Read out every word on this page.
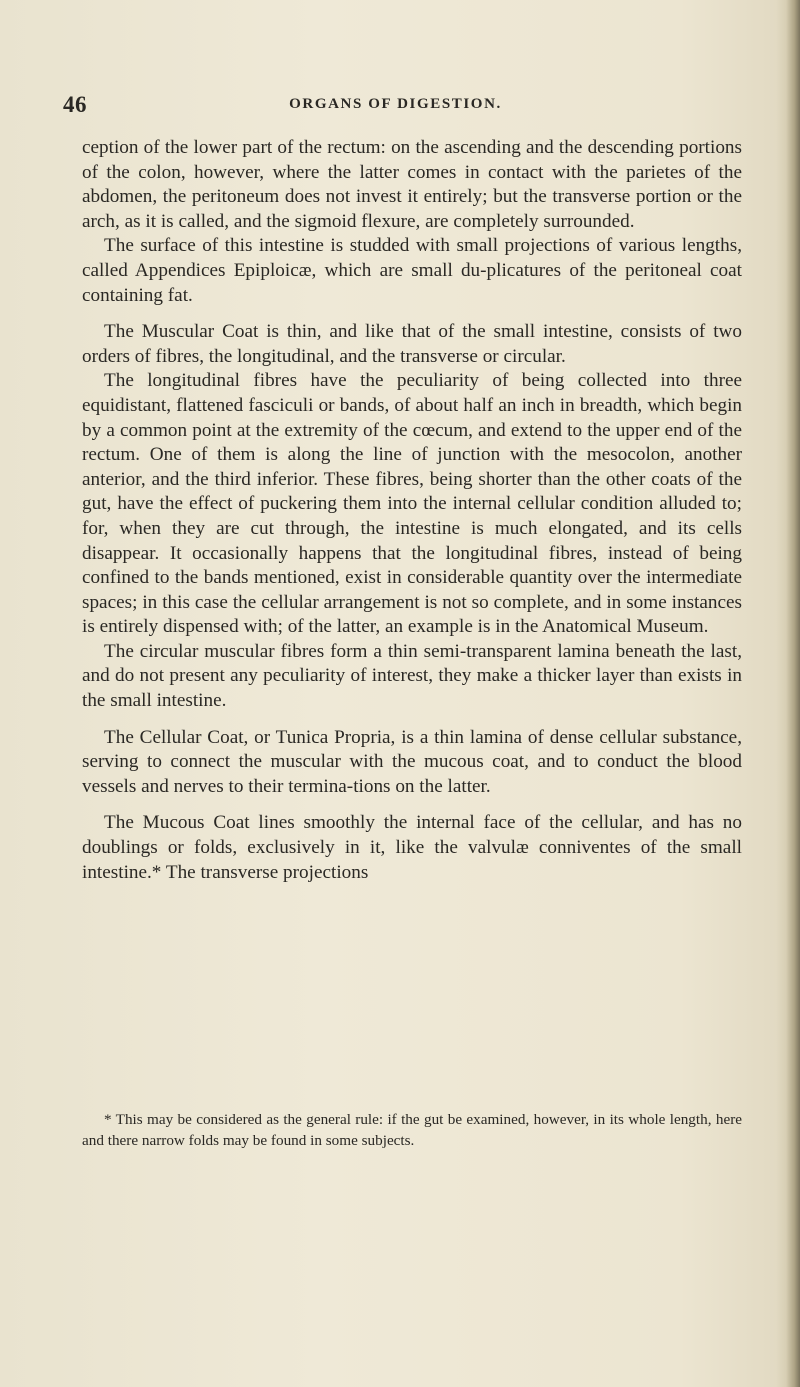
46	ORGANS OF DIGESTION.

ception of the lower part of the rectum: on the ascending and the descending portions of the colon, however, where the latter comes in contact with the parietes of the abdomen, the peritoneum does not invest it entirely; but the transverse portion or the arch, as it is called, and the sigmoid flexure, are completely surrounded.

The surface of this intestine is studded with small projections of various lengths, called Appendices Epiploicæ, which are small du-plicatures of the peritoneal coat containing fat.

The Muscular Coat is thin, and like that of the small intestine, consists of two orders of fibres, the longitudinal, and the transverse or circular.

The longitudinal fibres have the peculiarity of being collected into three equidistant, flattened fasciculi or bands, of about half an inch in breadth, which begin by a common point at the extremity of the cœcum, and extend to the upper end of the rectum. One of them is along the line of junction with the mesocolon, another anterior, and the third inferior. These fibres, being shorter than the other coats of the gut, have the effect of puckering them into the internal cellular condition alluded to; for, when they are cut through, the intestine is much elongated, and its cells disappear. It occasionally happens that the longitudinal fibres, instead of being confined to the bands mentioned, exist in considerable quantity over the intermediate spaces; in this case the cellular arrangement is not so complete, and in some instances is entirely dispensed with; of the latter, an example is in the Anatomical Museum.

The circular muscular fibres form a thin semi-transparent lamina beneath the last, and do not present any peculiarity of interest, they make a thicker layer than exists in the small intestine.

The Cellular Coat, or Tunica Propria, is a thin lamina of dense cellular substance, serving to connect the muscular with the mucous coat, and to conduct the blood vessels and nerves to their termina-tions on the latter.

The Mucous Coat lines smoothly the internal face of the cellular, and has no doublings or folds, exclusively in it, like the valvulæ conniventes of the small intestine.* The transverse projections

* This may be considered as the general rule: if the gut be examined, however, in its whole length, here and there narrow folds may be found in some subjects.
